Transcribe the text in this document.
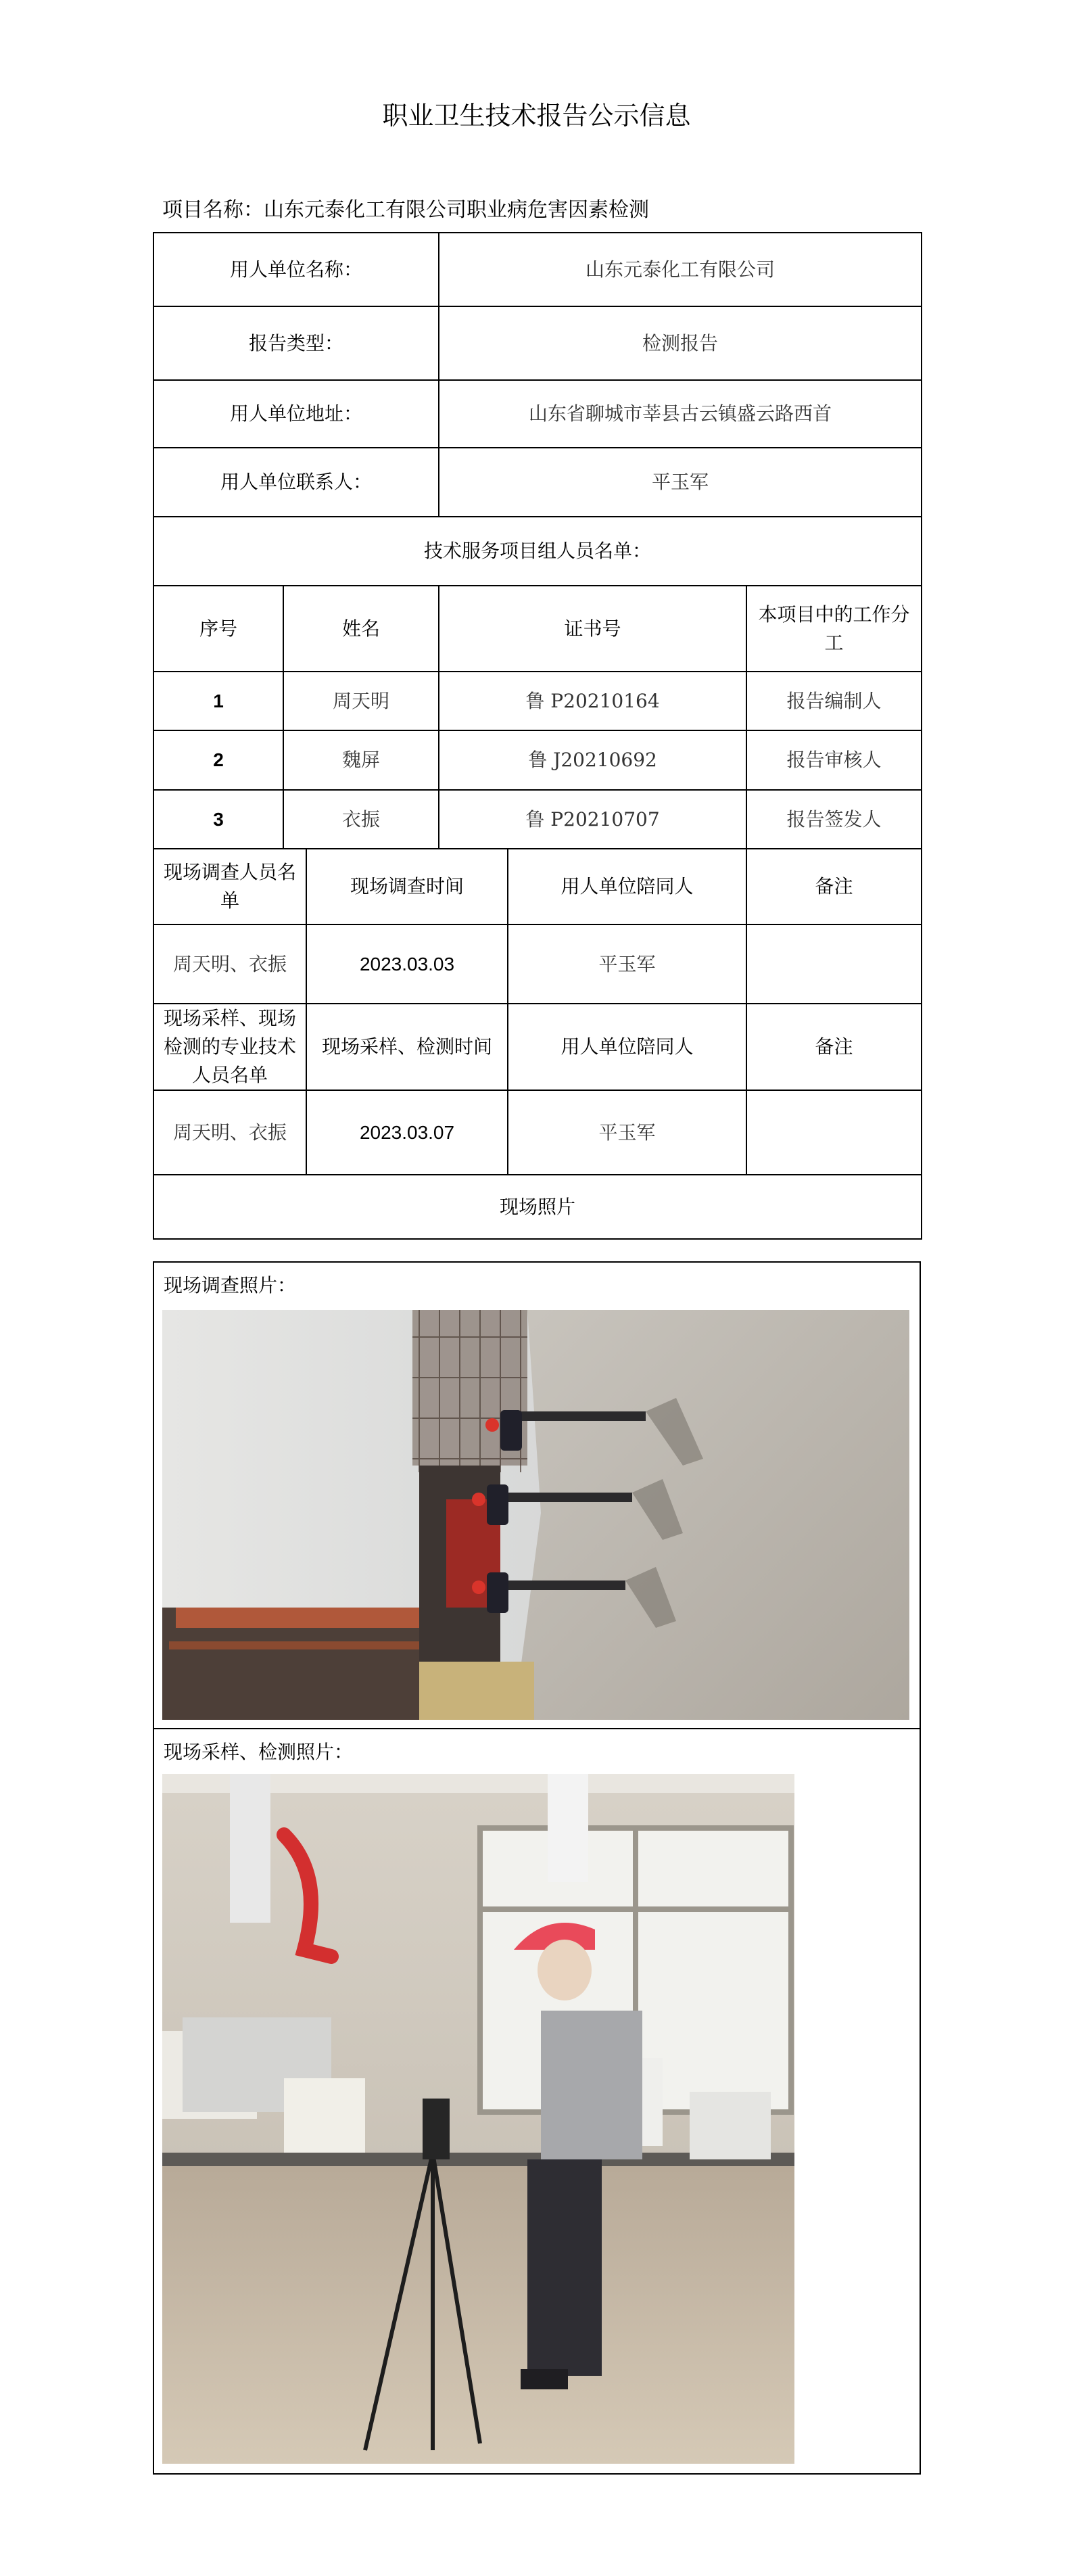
职业卫生技术报告公示信息
项目名称：山东元泰化工有限公司职业病危害因素检测
用人单位名称：			山东元泰化工有限公司		
报告类型：			检测报告		
用人单位地址：			山东省聊城市莘县古云镇盛云路西首		
用人单位联系人：			平玉军		
技术服务项目组人员名单：					
序号	姓名		证书号		本项目中的工作分工
1	周天明		鲁 P20210164		报告编制人
2	魏屏		鲁 J20210692		报告审核人
3	衣振		鲁 P20210707		报告签发人
现场调查人员名单		现场调查时间		用人单位陪同人	备注
周天明、衣振		2023.03.03		平玉军	
现场采样、现场检测的专业技术人员名单		现场采样、检测时间		用人单位陪同人	备注
周天明、衣振		2023.03.07		平玉军	
现场照片					
现场调查照片：
现场采样、检测照片：
